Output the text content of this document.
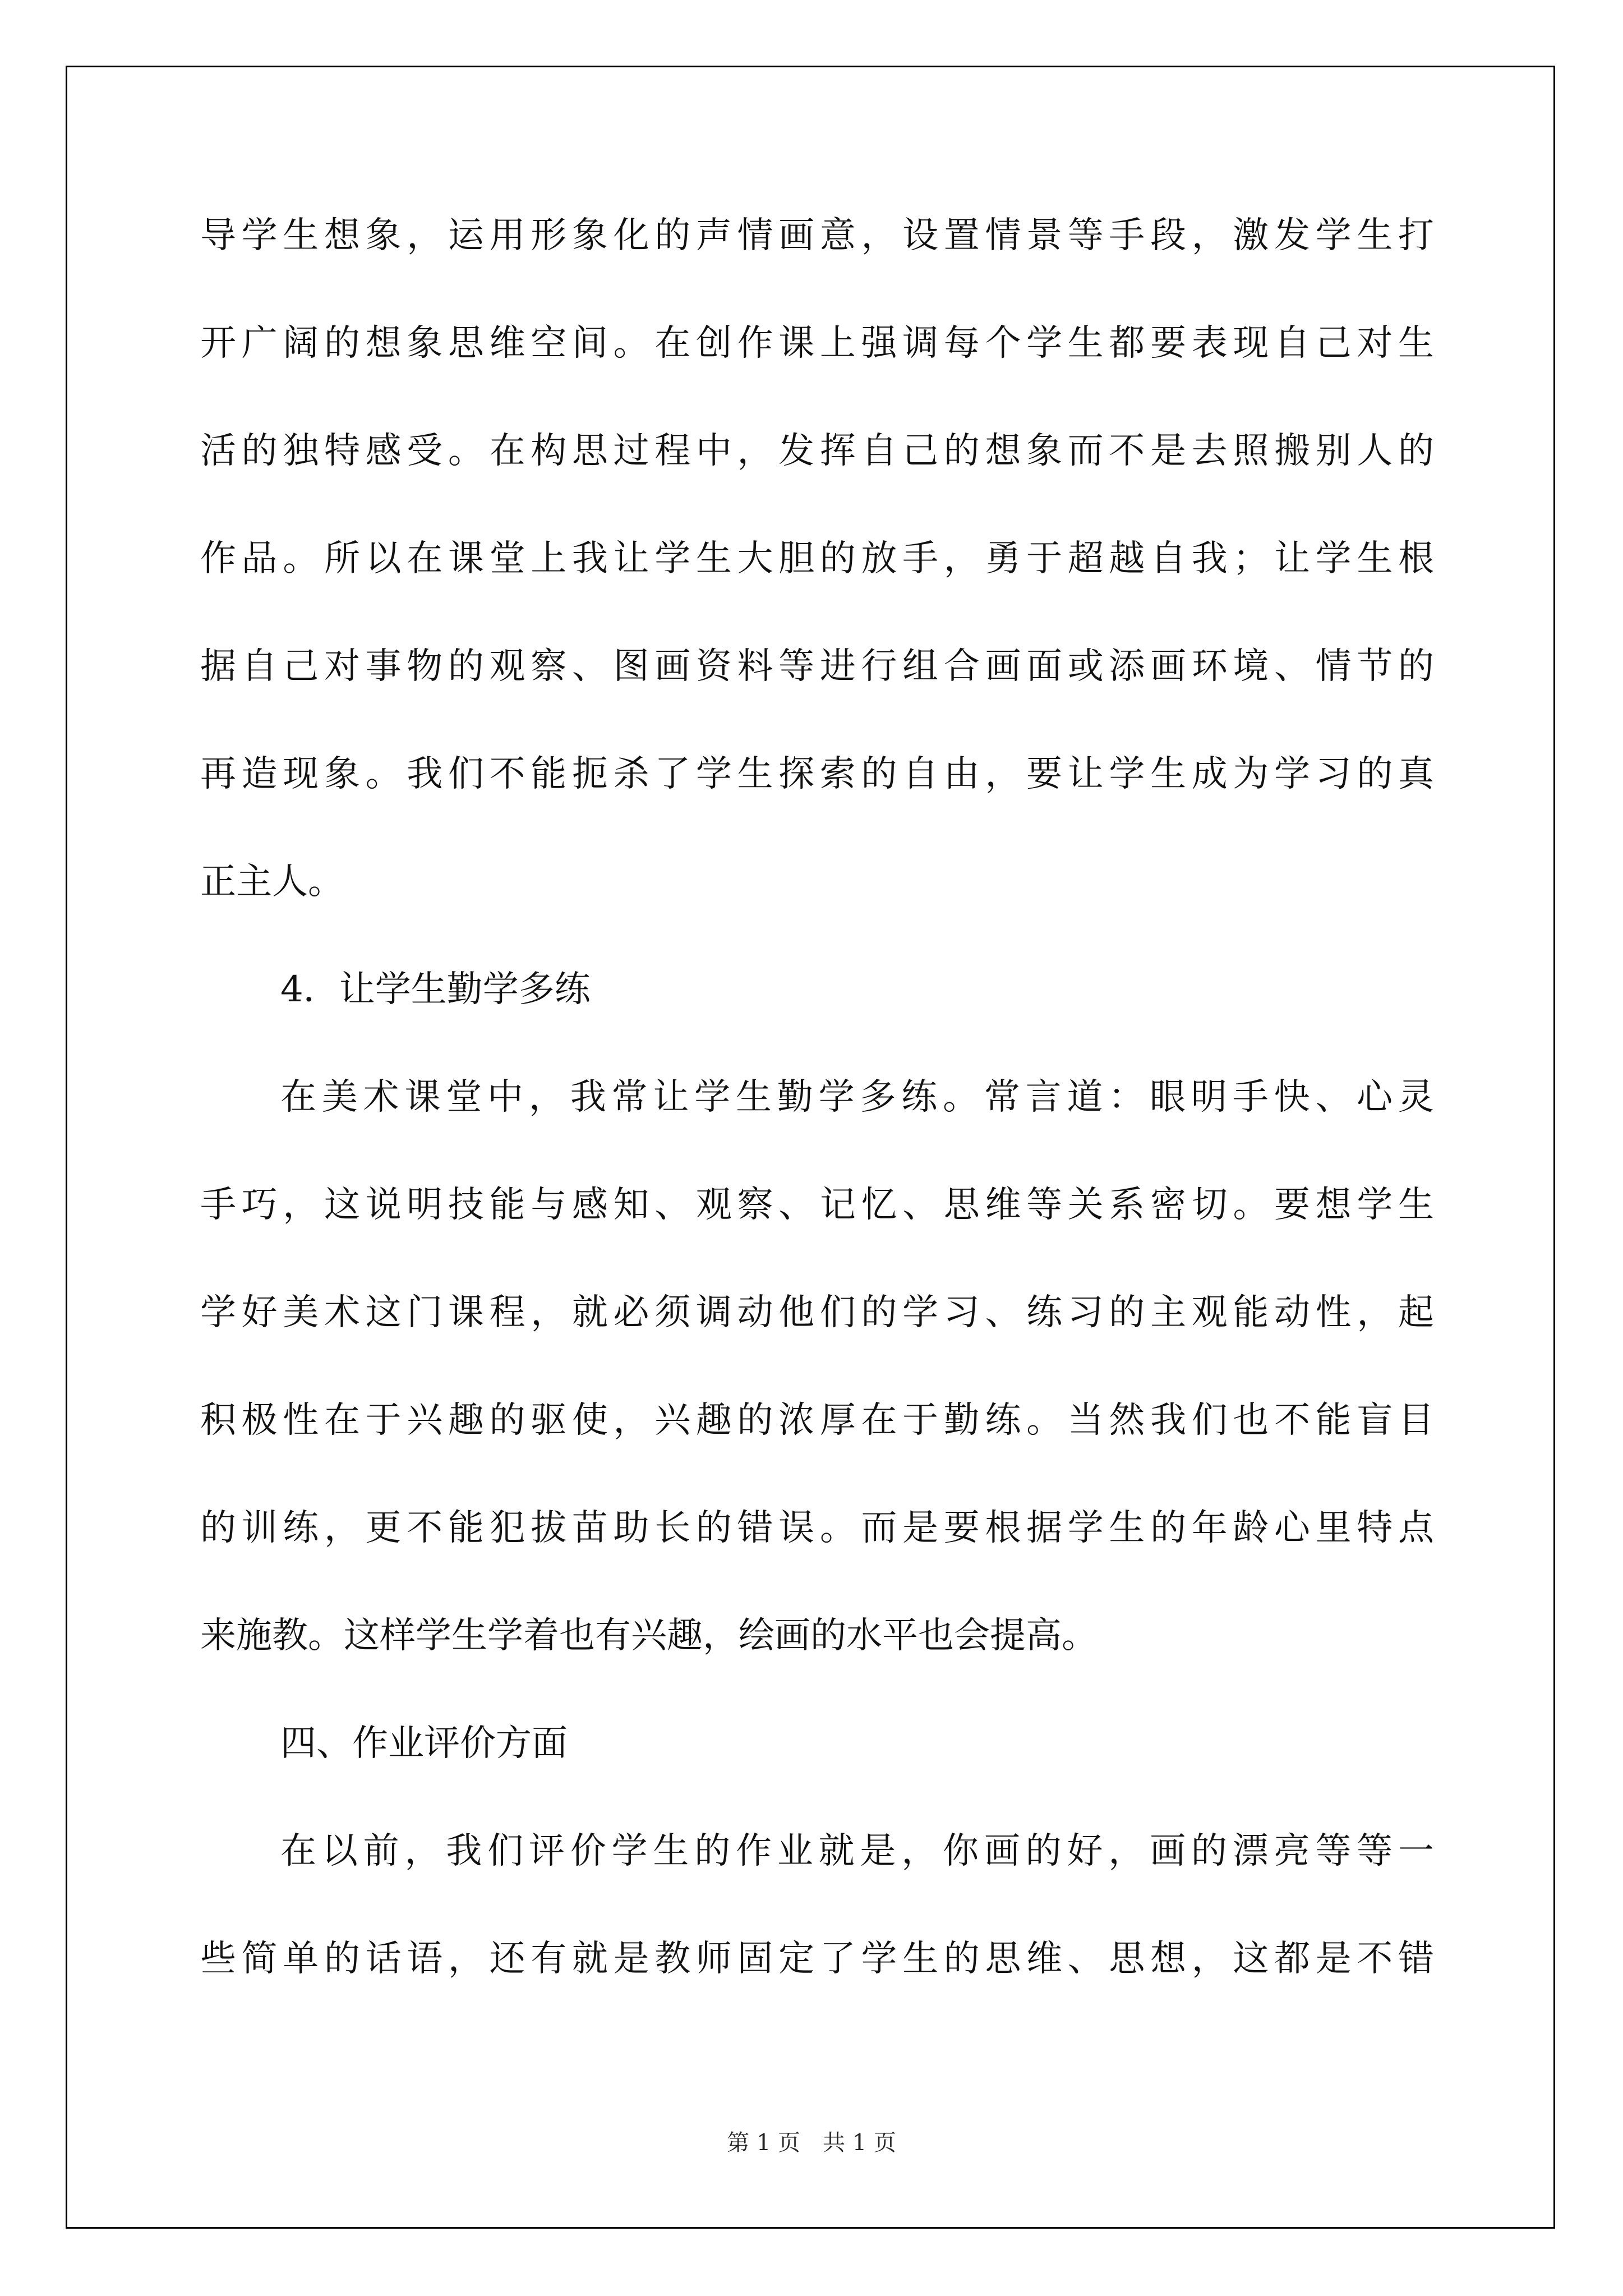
导学生想象，运用形象化的声情画意，设置情景等手段，激发学生打
开广阔的想象思维空间。在创作课上强调每个学生都要表现自己对生
活的独特感受。在构思过程中，发挥自己的想象而不是去照搬别人的
作品。所以在课堂上我让学生大胆的放手，勇于超越自我；让学生根
据自己对事物的观察、图画资料等进行组合画面或添画环境、情节的
再造现象。我们不能扼杀了学生探索的自由，要让学生成为学习的真
正主人。
4．让学生勤学多练
在美术课堂中，我常让学生勤学多练。常言道：眼明手快、心灵
手巧，这说明技能与感知、观察、记忆、思维等关系密切。要想学生
学好美术这门课程，就必须调动他们的学习、练习的主观能动性，起
积极性在于兴趣的驱使，兴趣的浓厚在于勤练。当然我们也不能盲目
的训练，更不能犯拔苗助长的错误。而是要根据学生的年龄心里特点
来施教。这样学生学着也有兴趣，绘画的水平也会提高。
四、作业评价方面
在以前，我们评价学生的作业就是，你画的好，画的漂亮等等一
些简单的话语，还有就是教师固定了学生的思维、思想，这都是不错
第 1 页　共 1 页
